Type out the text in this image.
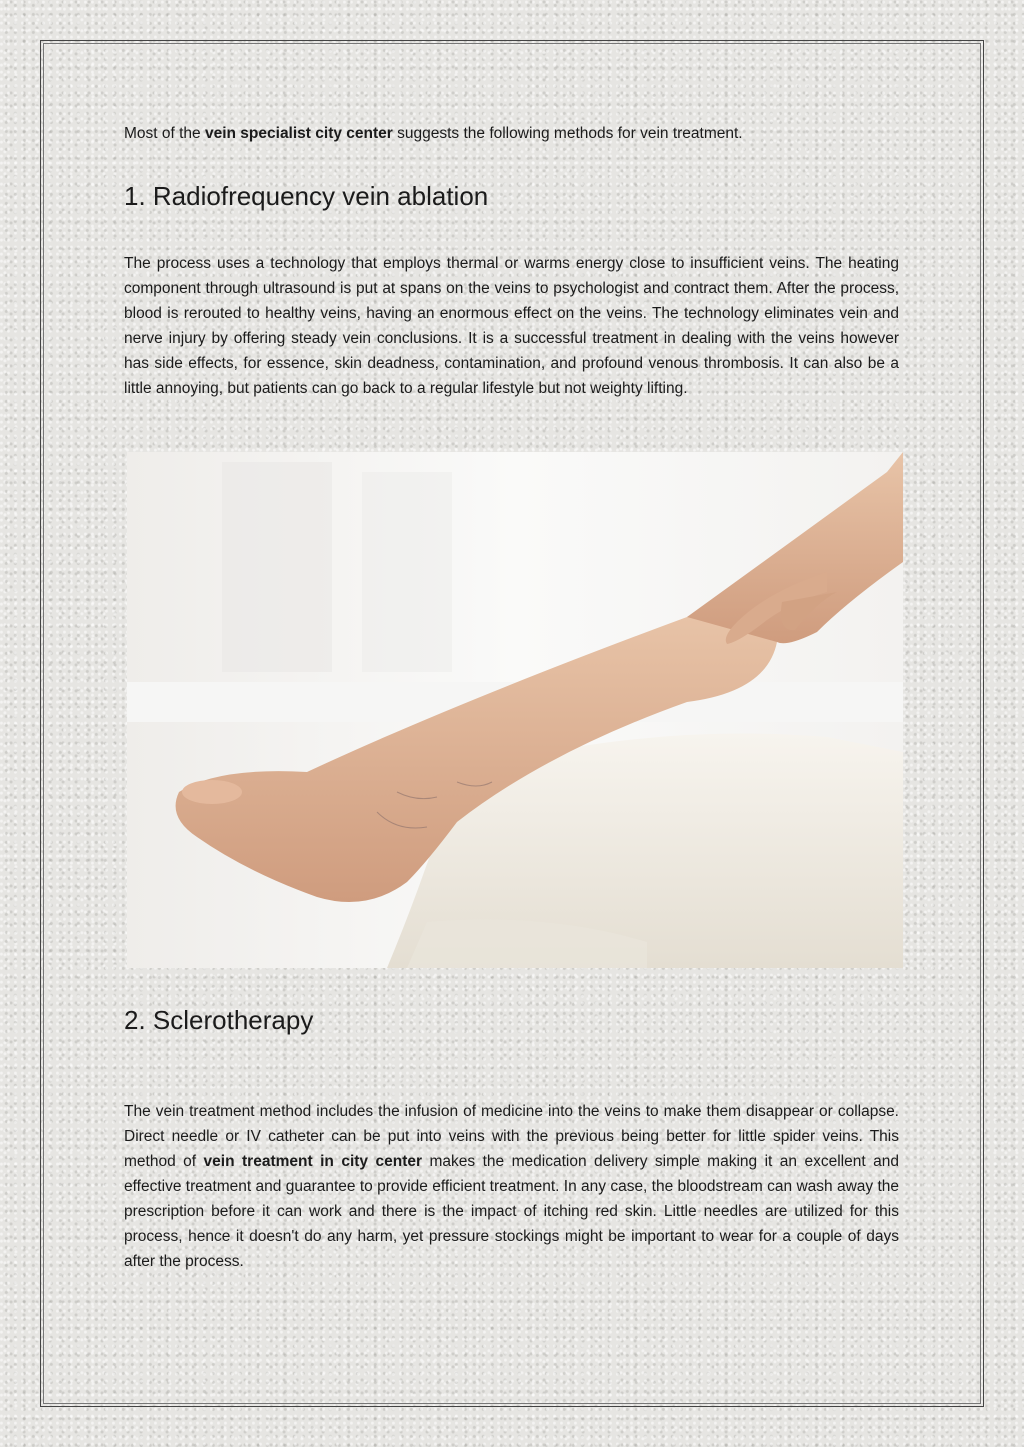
Most of the vein specialist city center suggests the following methods for vein treatment.
1. Radiofrequency vein ablation

The process uses a technology that employs thermal or warms energy close to insufficient veins. The heating component through ultrasound is put at spans on the veins to psychologist and contract them. After the process, blood is rerouted to healthy veins, having an enormous effect on the veins. The technology eliminates vein and nerve injury by offering steady vein conclusions. It is a successful treatment in dealing with the veins however has side effects, for essence, skin deadness, contamination, and profound venous thrombosis. It can also be a little annoying, but patients can go back to a regular lifestyle but not weighty lifting.

2. Sclerotherapy

The vein treatment method includes the infusion of medicine into the veins to make them disappear or collapse. Direct needle or IV catheter can be put into veins with the previous being better for little spider veins. This method of vein treatment in city center makes the medication delivery simple making it an excellent and effective treatment and guarantee to provide efficient treatment. In any case, the bloodstream can wash away the prescription before it can work and there is the impact of itching red skin. Little needles are utilized for this process, hence it doesn't do any harm, yet pressure stockings might be important to wear for a couple of days after the process.
